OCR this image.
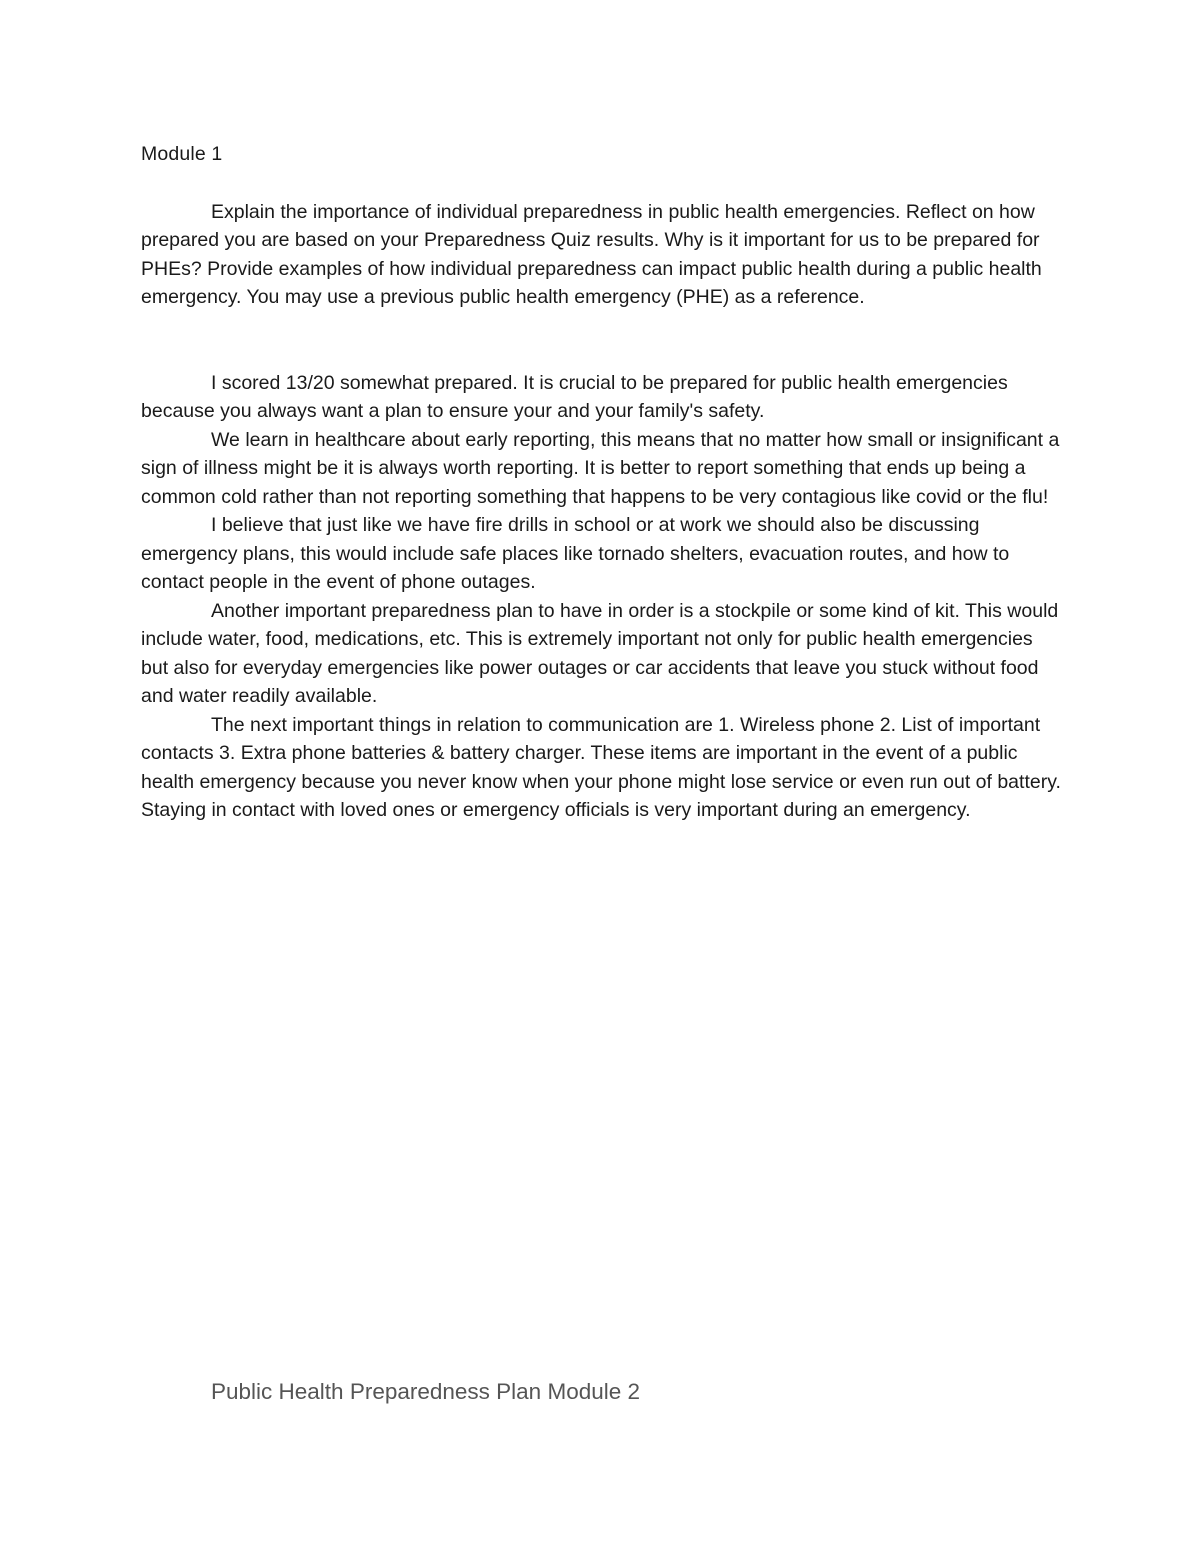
Module 1

Explain the importance of individual preparedness in public health emergencies. Reflect on how prepared you are based on your Preparedness Quiz results. Why is it important for us to be prepared for PHEs? Provide examples of how individual preparedness can impact public health during a public health emergency. You may use a previous public health emergency (PHE) as a reference.

I scored 13/20 somewhat prepared. It is crucial to be prepared for public health emergencies because you always want a plan to ensure your and your family's safety.

We learn in healthcare about early reporting, this means that no matter how small or insignificant a sign of illness might be it is always worth reporting. It is better to report something that ends up being a common cold rather than not reporting something that happens to be very contagious like covid or the flu!

I believe that just like we have fire drills in school or at work we should also be discussing emergency plans, this would include safe places like tornado shelters, evacuation routes, and how to contact people in the event of phone outages.

Another important preparedness plan to have in order is a stockpile or some kind of kit. This would include water, food, medications, etc. This is extremely important not only for public health emergencies but also for everyday emergencies like power outages or car accidents that leave you stuck without food and water readily available.

The next important things in relation to communication are 1. Wireless phone 2. List of important contacts 3. Extra phone batteries & battery charger. These items are important in the event of a public health emergency because you never know when your phone might lose service or even run out of battery. Staying in contact with loved ones or emergency officials is very important during an emergency.

Public Health Preparedness Plan Module 2
